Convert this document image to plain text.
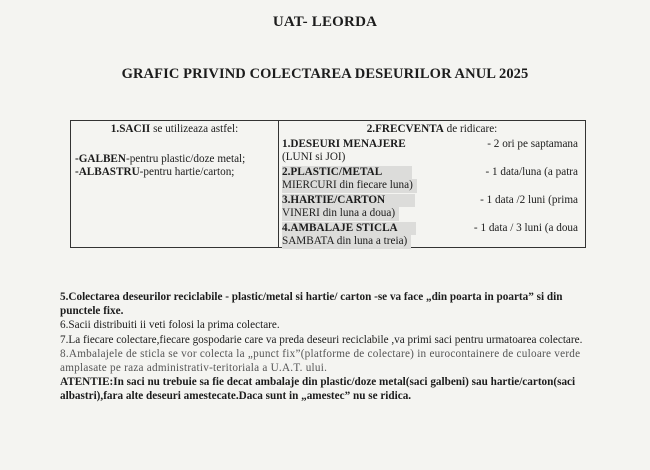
UAT- LEORDA
GRAFIC PRIVIND COLECTAREA DESEURILOR ANUL 2025
1.SACII se utilizeaza astfel:
-GALBEN-pentru plastic/doze metal;
-ALBASTRU-pentru hartie/carton;
2.FRECVENTA de ridicare:
1.DESEURI MENAJERE	- 2 ori pe saptamana
(LUNI si JOI)
2.PLASTIC/METAL	- 1 data/luna (a patra
MIERCURI din fiecare luna)
3.HARTIE/CARTON	- 1 data /2 luni (prima
VINERI din luna a doua)
4.AMBALAJE STICLA	- 1 data / 3 luni (a doua
SAMBATA din luna a treia)

5.Colectarea deseurilor reciclabile - plastic/metal si hartie/ carton -se va face „din poarta in poarta” si din punctele fixe.

6.Sacii distribuiti ii veti folosi la prima colectare.

7.La fiecare colectare,fiecare gospodarie care va preda deseuri reciclabile ,va primi saci pentru urmatoarea colectare.

8.Ambalajele de sticla se vor colecta la „punct fix”(platforme de colectare) in eurocontainere de culoare verde amplasate pe raza administrativ-teritoriala a U.A.T. ului.

ATENTIE:In saci nu trebuie sa fie decat ambalaje din plastic/doze metal(saci galbeni) sau hartie/carton(saci albastri),fara alte deseuri amestecate.Daca sunt in „amestec” nu se ridica.
